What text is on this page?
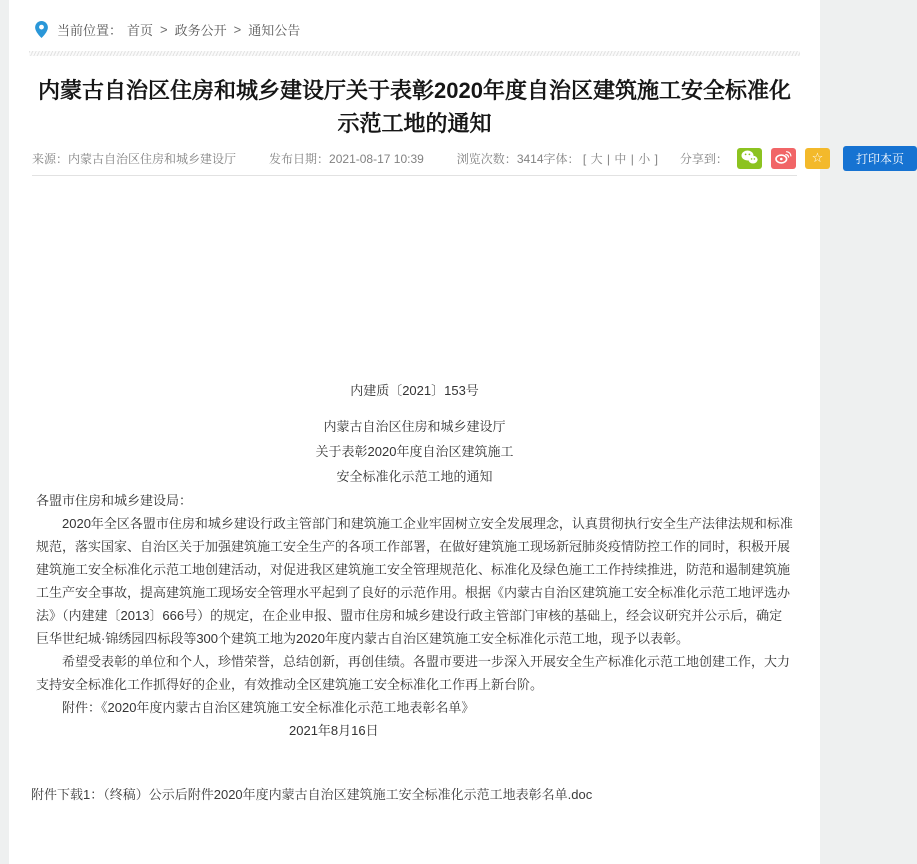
当前位置： 首页 > 政务公开 > 通知公告
内蒙古自治区住房和城乡建设厅关于表彰2020年度自治区建筑施工安全标准化示范工地的通知
来源：内蒙古自治区住房和城乡建设厅	发布日期：2021-08-17 10:39	浏览次数：3414 字体： [ 大 | 中 | 小 ] 分享到：	☆	打印本页

内建质〔2021〕153号

内蒙古自治区住房和城乡建设厅

关于表彰2020年度自治区建筑施工

安全标准化示范工地的通知

各盟市住房和城乡建设局：

2020年全区各盟市住房和城乡建设行政主管部门和建筑施工企业牢固树立安全发展理念，认真贯彻执行安全生产法律法规和标准规范，落实国家、自治区关于加强建筑施工安全生产的各项工作部署，在做好建筑施工现场新冠肺炎疫情防控工作的同时，积极开展建筑施工安全标准化示范工地创建活动，对促进我区建筑施工安全管理规范化、标准化及绿色施工工作持续推进，防范和遏制建筑施工生产安全事故，提高建筑施工现场安全管理水平起到了良好的示范作用。根据《内蒙古自治区建筑施工安全标准化示范工地评选办法》（内建建〔2013〕666号）的规定，在企业申报、盟市住房和城乡建设行政主管部门审核的基础上，经会议研究并公示后，确定巨华世纪城·锦绣园四标段等300个建筑工地为2020年度内蒙古自治区建筑施工安全标准化示范工地，现予以表彰。

希望受表彰的单位和个人，珍惜荣誉，总结创新，再创佳绩。各盟市要进一步深入开展安全生产标准化示范工地创建工作，大力支持安全标准化工作抓得好的企业，有效推动全区建筑施工安全标准化工作再上新台阶。

附件：《2020年度内蒙古自治区建筑施工安全标准化示范工地表彰名单》

2021年8月16日

附件下载1：（终稿）公示后附件2020年度内蒙古自治区建筑施工安全标准化示范工地表彰名单.doc
